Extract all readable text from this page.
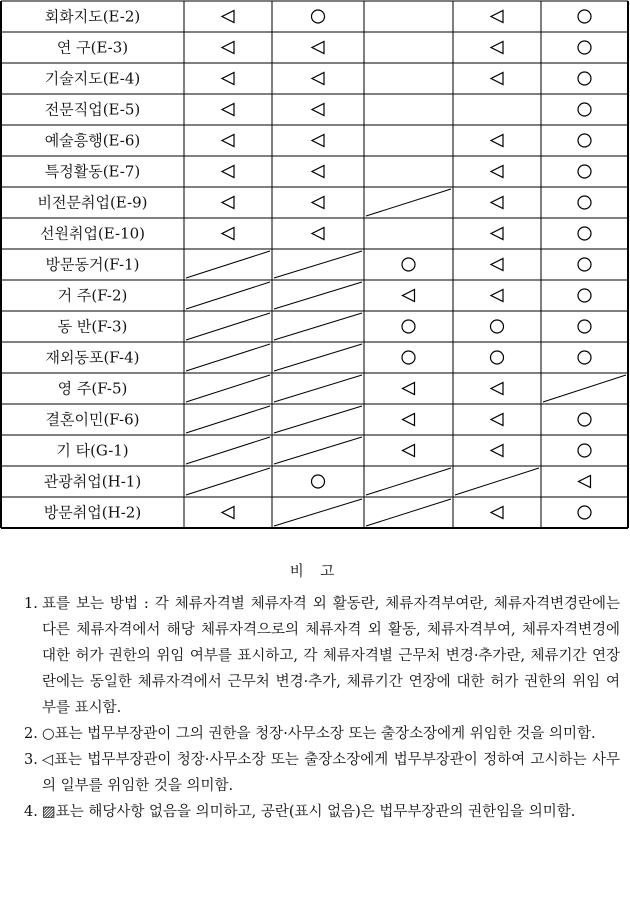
회화지도(E-2)
연 구(E-3)
기술지도(E-4)
전문직업(E-5)
예술흥행(E-6)
특정활동(E-7)
비전문취업(E-9)
선원취업(E-10)
방문동거(F-1)
거 주(F-2)
동 반(F-3)
재외동포(F-4)
영 주(F-5)
결혼이민(F-6)
기 타(G-1)
관광취업(H-1)
방문취업(H-2)
비 고
1. 표를 보는 방법 : 각 체류자격별 체류자격 외 활동란, 체류자격부여란, 체류자격변경란에는 다른 체류자격에서 해당 체류자격으로의 체류자격 외 활동, 체류자격부여, 체류자격변경에 대한 허가 권한의 위임 여부를 표시하고, 각 체류자격별 근무처 변경·추가란, 체류기간 연장란에는 동일한 체류자격에서 근무처 변경·추가, 체류기간 연장에 대한 허가 권한의 위임 여부를 표시함.
2. ○표는 법무부장관이 그의 권한을 청장·사무소장 또는 출장소장에게 위임한 것을 의미함.
3. ◁표는 법무부장관이 청장·사무소장 또는 출장소장에게 법무부장관이 정하여 고시하는 사무의 일부를 위임한 것을 의미함.
4. ▨표는 해당사항 없음을 의미하고, 공란(표시 없음)은 법무부장관의 권한임을 의미함.
